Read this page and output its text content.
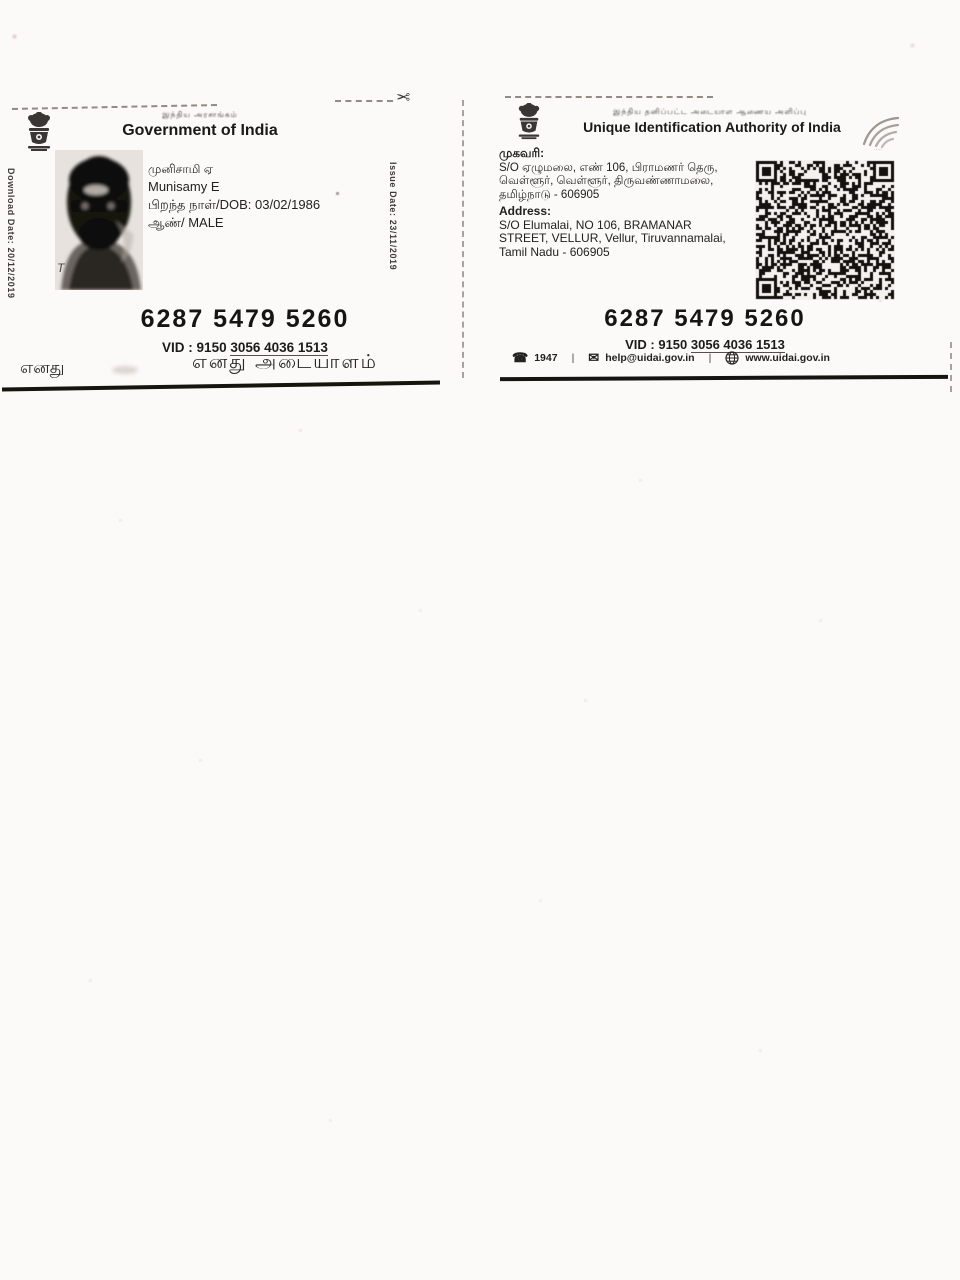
✂
இந்திய அரசாங்கம்
Government of India
Download Date: 20/12/2019	Issue Date: 23/11/2019
T
முனிசாமி ஏ
Munisamy E
பிறந்த நாள்/DOB: 03/02/1986
ஆண்/ MALE
6287 5479 5260
VID : 9150 3056 4036 1513
எனது	எனது அடையாளம்
இந்திய தனிப்பட்ட அடையாள ஆணைய அளிப்பு
Unique Identification Authority of India
·····
முகவரி:
S/O ஏழுமலை, எண் 106, பிராமணர் தெரு,
வெள்ளூர், வெள்ளூர், திருவண்ணாமலை,
தமிழ்நாடு - 606905
Address:
S/O Elumalai, NO 106, BRAMANAR
STREET, VELLUR, Vellur, Tiruvannamalai,
Tamil Nadu - 606905
6287 5479 5260
VID : 9150 3056 4036 1513
☎ 1947 | ✉ help@uidai.gov.in |	www.uidai.gov.in
